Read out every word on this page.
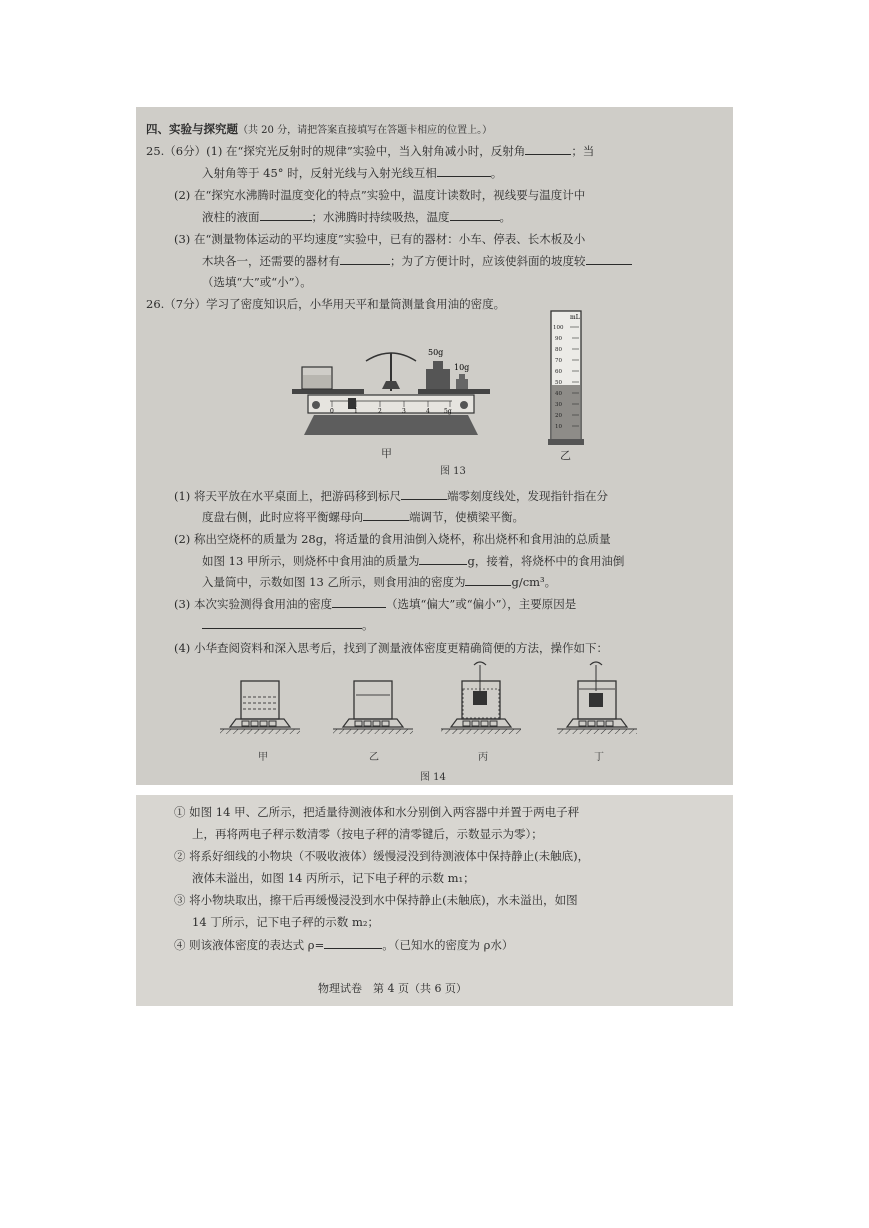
四、实验与探究题（共 20 分，请把答案直接填写在答题卡相应的位置上。）
25.（6分）(1) 在“探究光反射时的规律”实验中，当入射角减小时，反射角	；当
入射角等于 45° 时，反射光线与入射光线互相	。
(2) 在“探究水沸腾时温度变化的特点”实验中，温度计读数时，视线要与温度计中
液柱的液面	；水沸腾时持续吸热，温度	。
(3) 在“测量物体运动的平均速度”实验中，已有的器材：小车、停表、长木板及小
木块各一，还需要的器材有	；为了方便计时，应该使斜面的坡度较
（选填“大”或“小”）。
26.（7分）学习了密度知识后，小华用天平和量筒测量食用油的密度。
0	1	2	3	4 5g
50g
10g
mL
100
90
80
70
60
50
40
30
20
10
甲	乙
图 13
(1) 将天平放在水平桌面上，把游码移到标尺	端零刻度线处，发现指针指在分
度盘右侧，此时应将平衡螺母向	端调节，使横梁平衡。
(2) 称出空烧杯的质量为 28g，将适量的食用油倒入烧杯，称出烧杯和食用油的总质量
如图 13 甲所示，则烧杯中食用油的质量为	g，接着，将烧杯中的食用油倒
入量筒中，示数如图 13 乙所示，则食用油的密度为	g/cm³。
(3) 本次实验测得食用油的密度	（选填“偏大”或“偏小”），主要原因是
。
(4) 小华查阅资料和深入思考后，找到了测量液体密度更精确简便的方法，操作如下：
甲	乙	丙	丁
图 14
① 如图 14 甲、乙所示，把适量待测液体和水分别倒入两容器中并置于两电子秤
上，再将两电子秤示数清零（按电子秤的清零键后，示数显示为零）；
② 将系好细线的小物块（不吸收液体）缓慢浸没到待测液体中保持静止(未触底)，
液体未溢出，如图 14 丙所示，记下电子秤的示数 m₁；
③ 将小物块取出，擦干后再缓慢浸没到水中保持静止(未触底)，水未溢出，如图
14 丁所示，记下电子秤的示数 m₂；
④ 则该液体密度的表达式 ρ=	。（已知水的密度为 ρ水）
物理试卷　第 4 页（共 6 页）
